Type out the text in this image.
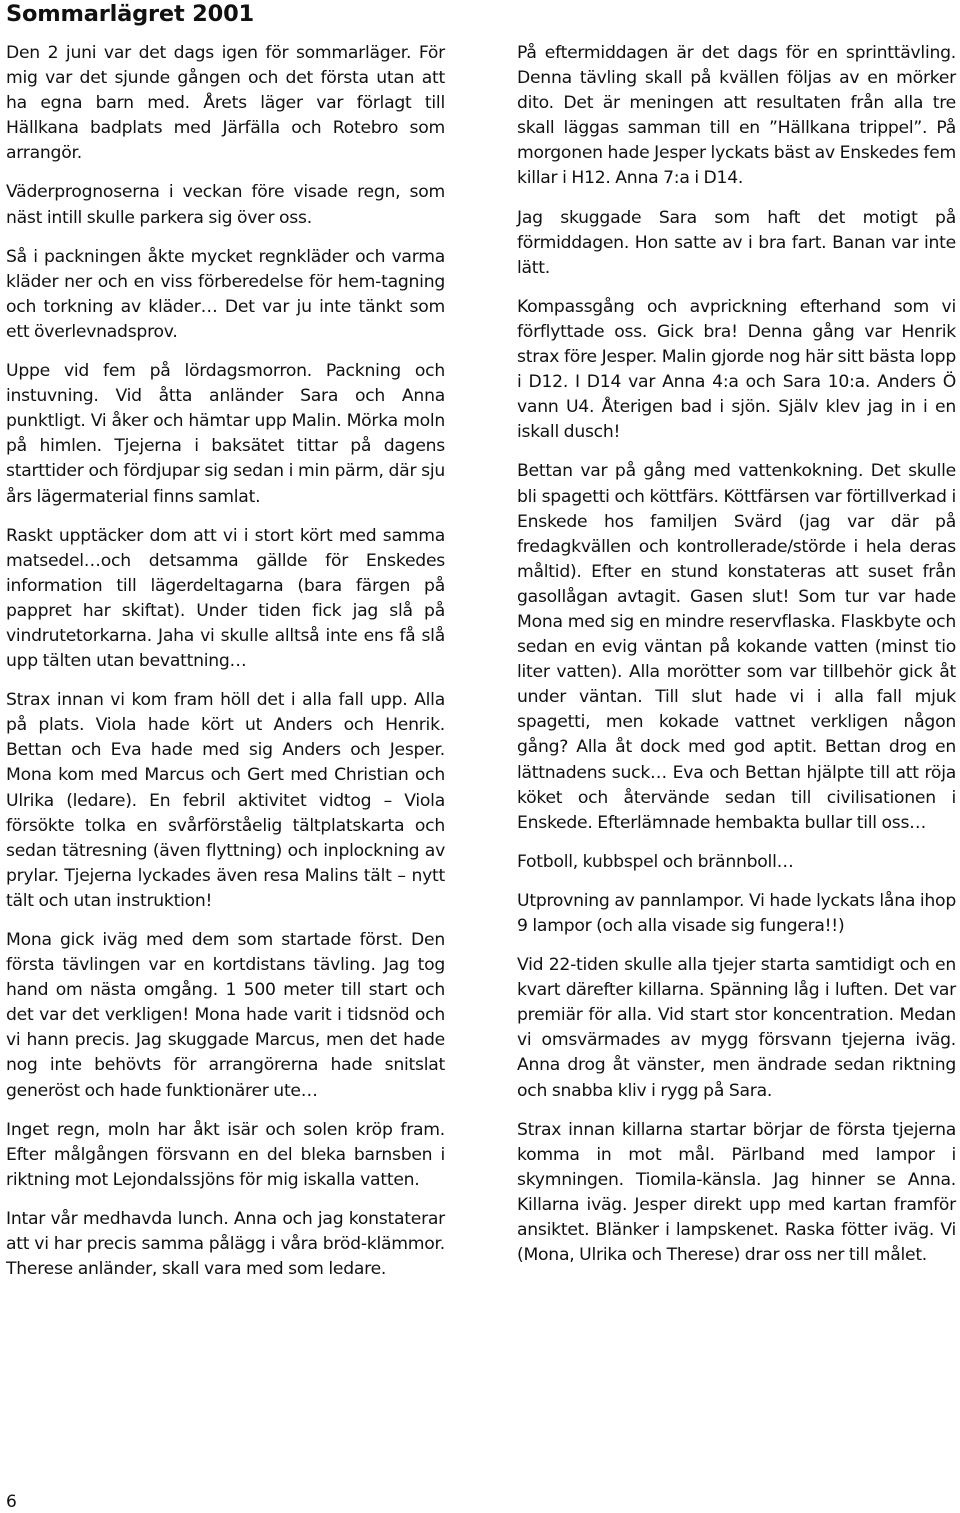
Sommarlägret 2001

Den 2 juni var det dags igen för sommarläger. För mig var det sjunde gången och det första utan att ha egna barn med. Årets läger var förlagt till Hällkana badplats med Järfälla och Rotebro som arrangör.

Väderprognoserna i veckan före visade regn, som näst intill skulle parkera sig över oss.

Så i packningen åkte mycket regnkläder och varma kläder ner och en viss förberedelse för hem-tagning och torkning av kläder… Det var ju inte tänkt som ett överlevnadsprov.

Uppe vid fem på lördagsmorron. Packning och instuvning. Vid åtta anländer Sara och Anna punktligt. Vi åker och hämtar upp Malin. Mörka moln på himlen. Tjejerna i baksätet tittar på dagens starttider och fördjupar sig sedan i min pärm, där sju års lägermaterial finns samlat.

Raskt upptäcker dom att vi i stort kört med samma matsedel…och detsamma gällde för Enskedes information till lägerdeltagarna (bara färgen på pappret har skiftat). Under tiden fick jag slå på vindrutetorkarna. Jaha vi skulle alltså inte ens få slå upp tälten utan bevattning…

Strax innan vi kom fram höll det i alla fall upp. Alla på plats. Viola hade kört ut Anders och Henrik. Bettan och Eva hade med sig Anders och Jesper. Mona kom med Marcus och Gert med Christian och Ulrika (ledare). En febril aktivitet vidtog – Viola försökte tolka en svårförståelig tältplatskarta och sedan tätresning (även flyttning) och inplockning av prylar. Tjejerna lyckades även resa Malins tält – nytt tält och utan instruktion!

Mona gick iväg med dem som startade först. Den första tävlingen var en kortdistans tävling. Jag tog hand om nästa omgång. 1 500 meter till start och det var det verkligen! Mona hade varit i tidsnöd och vi hann precis. Jag skuggade Marcus, men det hade nog inte behövts för arrangörerna hade snitslat generöst och hade funktionärer ute…

Inget regn, moln har åkt isär och solen kröp fram. Efter målgången försvann en del bleka barnsben i riktning mot Lejondalssjöns för mig iskalla vatten.

Intar vår medhavda lunch. Anna och jag konstaterar att vi har precis samma pålägg i våra bröd-klämmor. Therese anländer, skall vara med som ledare.

På eftermiddagen är det dags för en sprinttävling. Denna tävling skall på kvällen följas av en mörker dito. Det är meningen att resultaten från alla tre skall läggas samman till en ”Hällkana trippel”. På morgonen hade Jesper lyckats bäst av Enskedes fem killar i H12. Anna 7:a i D14.

Jag skuggade Sara som haft det motigt på förmiddagen. Hon satte av i bra fart. Banan var inte lätt.

Kompassgång och avprickning efterhand som vi förflyttade oss. Gick bra! Denna gång var Henrik strax före Jesper. Malin gjorde nog här sitt bästa lopp i D12. I D14 var Anna 4:a och Sara 10:a. Anders Ö vann U4. Återigen bad i sjön. Själv klev jag in i en iskall dusch!

Bettan var på gång med vattenkokning. Det skulle bli spagetti och köttfärs. Köttfärsen var förtillverkad i Enskede hos familjen Svärd (jag var där på fredagkvällen och kontrollerade/störde i hela deras måltid). Efter en stund konstateras att suset från gasollågan avtagit. Gasen slut! Som tur var hade Mona med sig en mindre reservflaska. Flaskbyte och sedan en evig väntan på kokande vatten (minst tio liter vatten). Alla morötter som var tillbehör gick åt under väntan. Till slut hade vi i alla fall mjuk spagetti, men kokade vattnet verkligen någon gång? Alla åt dock med god aptit. Bettan drog en lättnadens suck… Eva och Bettan hjälpte till att röja köket och återvände sedan till civilisationen i Enskede. Efterlämnade hembakta bullar till oss…

Fotboll, kubbspel och brännboll…

Utprovning av pannlampor. Vi hade lyckats låna ihop 9 lampor (och alla visade sig fungera!!)

Vid 22-tiden skulle alla tjejer starta samtidigt och en kvart därefter killarna. Spänning låg i luften. Det var premiär för alla. Vid start stor koncentration. Medan vi omsvärmades av mygg försvann tjejerna iväg. Anna drog åt vänster, men ändrade sedan riktning och snabba kliv i rygg på Sara.

Strax innan killarna startar börjar de första tjejerna komma in mot mål. Pärlband med lampor i skymningen. Tiomila-känsla. Jag hinner se Anna. Killarna iväg. Jesper direkt upp med kartan framför ansiktet. Blänker i lampskenet. Raska fötter iväg. Vi (Mona, Ulrika och Therese) drar oss ner till målet.

6
